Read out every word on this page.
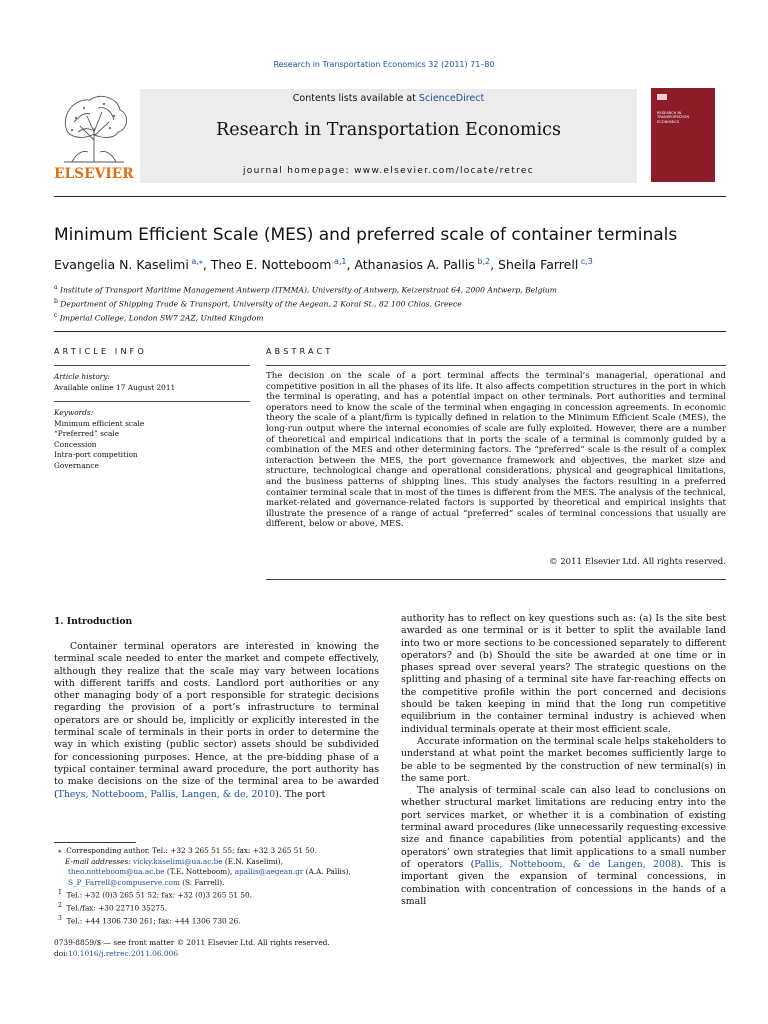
Research in Transportation Economics 32 (2011) 71–80
ELSEVIER
Contents lists available at ScienceDirect
Research in Transportation Economics
journal homepage: www.elsevier.com/locate/retrec
RESEARCH IN TRANSPORTATION ECONOMICS
Minimum Efficient Scale (MES) and preferred scale of container terminals
Evangelia N. Kaselimi $^{a,⁎}$, Theo E. Notteboom $^{a,1}$, Athanasios A. Pallis $^{b,2}$, Sheila Farrell $^{c,3}$
$^a$ Institute of Transport Maritime Management Antwerp (ITMMA), University of Antwerp, Keizerstraat 64, 2000 Antwerp, Belgium
$^b$ Department of Shipping Trade & Transport, University of the Aegean, 2 Korai St., 82 100 Chios, Greece
$^c$ Imperial College, London SW7 2AZ, United Kingdom
ARTICLE INFO	ABSTRACT
Article history:
Available online 17 August 2011
Keywords:
Minimum efficient scale
“Preferred” scale
Concession
Intra-port competition
Governance
The decision on the scale of a port terminal affects the terminal’s managerial, operational and competitive position in all the phases of its life. It also affects competition structures in the port in which the terminal is operating, and has a potential impact on other terminals. Port authorities and terminal operators need to know the scale of the terminal when engaging in concession agreements. In economic theory the scale of a plant/firm is typically defined in relation to the Minimum Efficient Scale (MES), the long-run output where the internal economies of scale are fully exploited. However, there are a number of theoretical and empirical indications that in ports the scale of a terminal is commonly guided by a combination of the MES and other determining factors. The “preferred” scale is the result of a complex interaction between the MES, the port governance framework and objectives, the market size and structure, technological change and operational considerations, physical and geographical limitations, and the business patterns of shipping lines. This study analyses the factors resulting in a preferred container terminal scale that in most of the times is different from the MES. The analysis of the technical, market-related and governance-related factors is supported by theoretical and empirical insights that illustrate the presence of a range of actual “preferred” scales of terminal concessions that usually are different, below or above, MES.
© 2011 Elsevier Ltd. All rights reserved.
1. Introduction

Container terminal operators are interested in knowing the terminal scale needed to enter the market and compete effectively, although they realize that the scale may vary between locations with different tariffs and costs. Landlord port authorities or any other managing body of a port responsible for strategic decisions regarding the provision of a port’s infrastructure to terminal operators are or should be, implicitly or explicitly interested in the terminal scale of terminals in their ports in order to determine the way in which existing (public sector) assets should be subdivided for concessioning purposes. Hence, at the pre-bidding phase of a typical container terminal award procedure, the port authority has to make decisions on the size of the terminal area to be awarded (Theys, Notteboom, Pallis, Langen, & de, 2010). The port

authority has to reflect on key questions such as: (a) Is the site best awarded as one terminal or is it better to split the available land into two or more sections to be concessioned separately to different operators? and (b) Should the site be awarded at one time or in phases spread over several years? The strategic questions on the splitting and phasing of a terminal site have far-reaching effects on the competitive profile within the port concerned and decisions should be taken keeping in mind that the long run competitive equilibrium in the container terminal industry is achieved when individual terminals operate at their most efficient scale.

Accurate information on the terminal scale helps stakeholders to understand at what point the market becomes sufficiently large to be able to be segmented by the construction of new terminal(s) in the same port.

The analysis of terminal scale can also lead to conclusions on whether structural market limitations are reducing entry into the port services market, or whether it is a combination of existing terminal award procedures (like unnecessarily requesting excessive size and finance capabilities from potential applicants) and the operators’ own strategies that limit applications to a small number of operators (Pallis, Notteboom, & de Langen, 2008). This is important given the expansion of terminal concessions, in combination with concentration of concessions in the hands of a small

⁎  Corresponding author. Tel.: +32 3 265 51 55; fax: +32 3 265 51 50.
E-mail addresses: vicky.kaselimi@ua.ac.be (E.N. Kaselimi), theo.notteboom@ua.ac.be (T.E. Notteboom), apallis@aegean.gr (A.A. Pallis), S_P_Farrell@compuserve.com (S. Farrell).
$^1$ Tel.: +32 (0)3 265 51 52; fax: +32 (0)3 265 51 50.
$^2$ Tel./fax: +30 22710 35275.
$^3$ Tel.: +44 1306 730 261; fax: +44 1306 730 26.
0739-8859/$ — see front matter © 2011 Elsevier Ltd. All rights reserved.
doi:10.1016/j.retrec.2011.06.006
